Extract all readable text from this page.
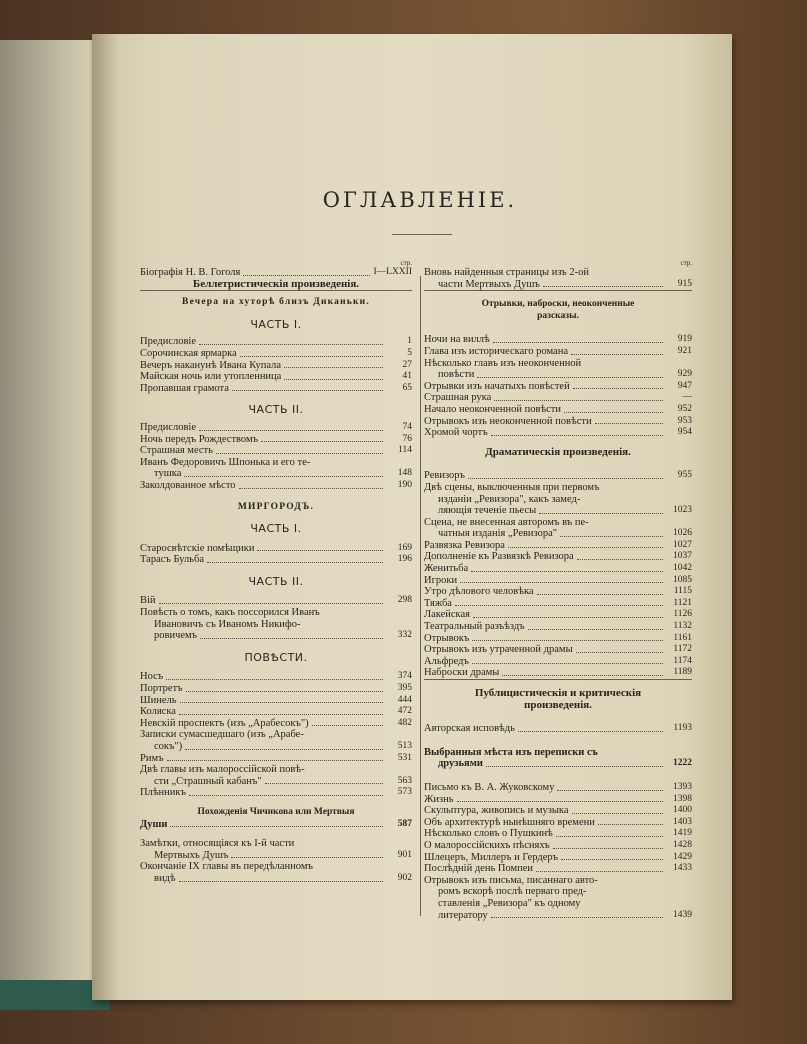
ОГЛАВЛЕНІЕ.
стр.
Біографія Н. В. Гоголя	I—LXXII
Беллетристическія произведенія.
Вечера на хуторѣ близъ Диканьки.
ЧАСТЬ I.
Предисловіе	1
Сорочинская ярмарка	5
Вечеръ наканунѣ Ивана Купала	27
Майская ночь или утопленница	41
Пропавшая грамота	65
ЧАСТЬ II.
Предисловіе	74
Ночь передъ Рождествомъ	76
Страшная месть	114
Иванъ Федоровичъ Шпонька и его те-
тушка	148
Заколдованное мѣсто	190
МИРГОРОДЪ.
ЧАСТЬ I.
Старосвѣтскіе помѣщики	169
Тарасъ Бульба	196
ЧАСТЬ II.
Вій	298
Повѣсть о томъ, какъ поссорился Иванъ
Ивановичъ съ Иваномъ Никифо-
ровичемъ	332
ПОВѢСТИ.
Носъ	374
Портретъ	395
Шинель	444
Коляска	472
Невскій проспектъ (изъ „Арабесокъ")	482
Записки сумасшедшаго (изъ „Арабе-
сокъ")	513
Римъ	531
Двѣ главы изъ малороссійской повѣ-
сти „Страшный кабанъ"	563
Плѣнникъ	573
Похожденія Чичикова или Мертвыя
Души	587
Замѣтки, относящіяся къ I-й части
Мертвыхъ Душъ	901
Окончаніе IX главы въ передѣланномъ
видѣ	902
стр.
Вновь найденныя страницы изъ 2-ой
части Мертвыхъ Душъ	915
Отрывки, наброски, неоконченные
разсказы.
Ночи на виллѣ	919
Глава изъ историческаго романа	921
Нѣсколько главъ изъ неоконченной
повѣсти	929
Отрывки изъ начатыхъ повѣстей	947
Страшная рука	—
Начало неоконченной повѣсти	952
Отрывокъ изъ неоконченной повѣсти	953
Хромой чортъ	954
Драматическія произведенія.
Ревизоръ	955
Двѣ сцены, выключенныя при первомъ
изданіи „Ревизора", какъ замед-
ляющія теченіе пьесы	1023
Сцена, не внесенная авторомъ въ пе-
чатныя изданія „Ревизора"	1026
Развязка Ревизора	1027
Дополненіе къ Развязкѣ Ревизора	1037
Женитьба	1042
Игроки	1085
Утро дѣлового человѣка	1115
Тяжба	1121
Лакейская	1126
Театральный разъѣздъ	1132
Отрывокъ	1161
Отрывокъ изъ утраченной драмы	1172
Альфредъ	1174
Наброски драмы	1189
Публицистическія и критическія
произведенія.
Авторская исповѣдь	1193
Выбранныя мѣста изъ переписки съ
друзьями	1222
Письмо къ В. А. Жуковскому	1393
Жизнь	1398
Скульптура, живопись и музыка	1400
Объ архитектурѣ нынѣшняго времени	1403
Нѣсколько словъ о Пушкинѣ	1419
О малороссійскихъ пѣсняхъ	1428
Шлецеръ, Миллеръ и Гердеръ	1429
Послѣдній день Помпеи	1433
Отрывокъ изъ письма, писаннаго авто-
ромъ вскорѣ послѣ перваго пред-
ставленія „Ревизора" къ одному
литератору	1439
